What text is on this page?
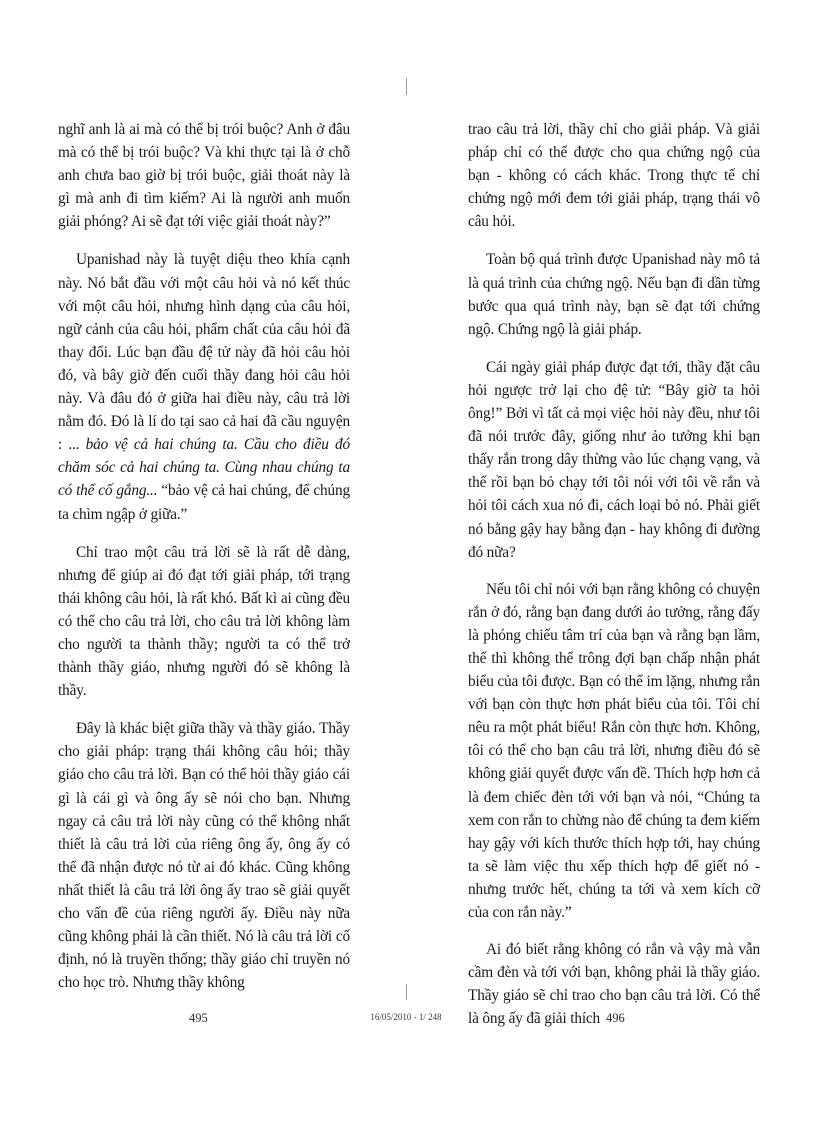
nghĩ anh là ai mà có thể bị trói buộc? Anh ở đâu mà có thể bị trói buộc? Và khi thực tại là ở chỗ anh chưa bao giờ bị trói buộc, giải thoát này là gì mà anh đi tìm kiếm? Ai là người anh muốn giải phóng? Ai sẽ đạt tới việc giải thoát này?”

Upanishad này là tuyệt diệu theo khía cạnh này. Nó bắt đầu với một câu hỏi và nó kết thúc với một câu hỏi, nhưng hình dạng của câu hỏi, ngữ cảnh của câu hỏi, phẩm chất của câu hỏi đã thay đổi. Lúc bạn đầu đệ tử này đã hỏi câu hỏi đó, và bây giờ đến cuối thầy đang hỏi câu hỏi này. Và đâu đó ở giữa hai điều này, câu trả lời nằm đó. Đó là lí do tại sao cả hai đã cầu nguyện : ... bảo vệ cả hai chúng ta. Cầu cho điều đó chăm sóc cả hai chúng ta. Cùng nhau chúng ta có thể cố gắng... “bảo vệ cả hai chúng, để chúng ta chìm ngập ở giữa.”

Chỉ trao một câu trả lời sẽ là rất dễ dàng, nhưng để giúp ai đó đạt tới giải pháp, tới trạng thái không câu hỏi, là rất khó. Bất kì ai cũng đều có thể cho câu trả lời, cho câu trả lời không làm cho người ta thành thầy; người ta có thể trở thành thầy giáo, nhưng người đó sẽ không là thầy.

Đây là khác biệt giữa thầy và thầy giáo. Thầy cho giải pháp: trạng thái không câu hỏi; thầy giáo cho câu trả lời. Bạn có thể hỏi thầy giáo cái gì là cái gì và ông ấy sẽ nói cho bạn. Nhưng ngay cả câu trả lời này cũng có thể không nhất thiết là câu trả lời của riêng ông ấy, ông ấy có thể đã nhận được nó từ ai đó khác. Cũng không nhất thiết là câu trả lời ông ấy trao sẽ giải quyết cho vấn đề của riêng người ấy. Điều này nữa cũng không phải là cần thiết. Nó là câu trả lời cố định, nó là truyền thống; thầy giáo chỉ truyền nó cho học trò. Nhưng thầy không

trao câu trả lời, thầy chỉ cho giải pháp. Và giải pháp chỉ có thể được cho qua chứng ngộ của bạn - không có cách khác. Trong thực tế chỉ chứng ngộ mới đem tới giải pháp, trạng thái vô câu hỏi.

Toàn bộ quá trình được Upanishad này mô tả là quá trình của chứng ngộ. Nếu bạn đi dần từng bước qua quá trình này, bạn sẽ đạt tới chứng ngộ. Chứng ngộ là giải pháp.

Cái ngày giải pháp được đạt tới, thầy đặt câu hỏi ngược trở lại cho đệ tử: “Bây giờ ta hỏi ông!” Bởi vì tất cả mọi việc hỏi này đều, như tôi đã nói trước đây, giống như ảo tưởng khi bạn thấy rắn trong dây thừng vào lúc chạng vạng, và thế rồi bạn bỏ chạy tới tôi nói với tôi về rắn và hỏi tôi cách xua nó đi, cách loại bỏ nó. Phải giết nó bằng gậy hay bằng đạn - hay không đi đường đó nữa?

Nếu tôi chỉ nói với bạn rằng không có chuyện rắn ở đó, rằng bạn đang dưới ảo tưởng, rằng đấy là phóng chiếu tâm trí của bạn và rằng bạn lầm, thế thì không thể trông đợi bạn chấp nhận phát biểu của tôi được. Bạn có thể im lặng, nhưng rắn với bạn còn thực hơn phát biểu của tôi. Tôi chỉ nêu ra một phát biểu! Rắn còn thực hơn. Không, tôi có thể cho bạn câu trả lời, nhưng điều đó sẽ không giải quyết được vấn đề. Thích hợp hơn cả là đem chiếc đèn tới với bạn và nói, “Chúng ta xem con rắn to chừng nào để chúng ta đem kiếm hay gậy với kích thước thích hợp tới, hay chúng ta sẽ làm việc thu xếp thích hợp để giết nó - nhưng trước hết, chúng ta tới và xem kích cỡ của con rắn này.”

Ai đó biết rằng không có rắn và vậy mà vẫn cầm đèn và tới với bạn, không phải là thầy giáo. Thầy giáo sẽ chỉ trao cho bạn câu trả lời. Có thể là ông ấy đã giải thích

495	16/05/2010 - 1/ 248	496
